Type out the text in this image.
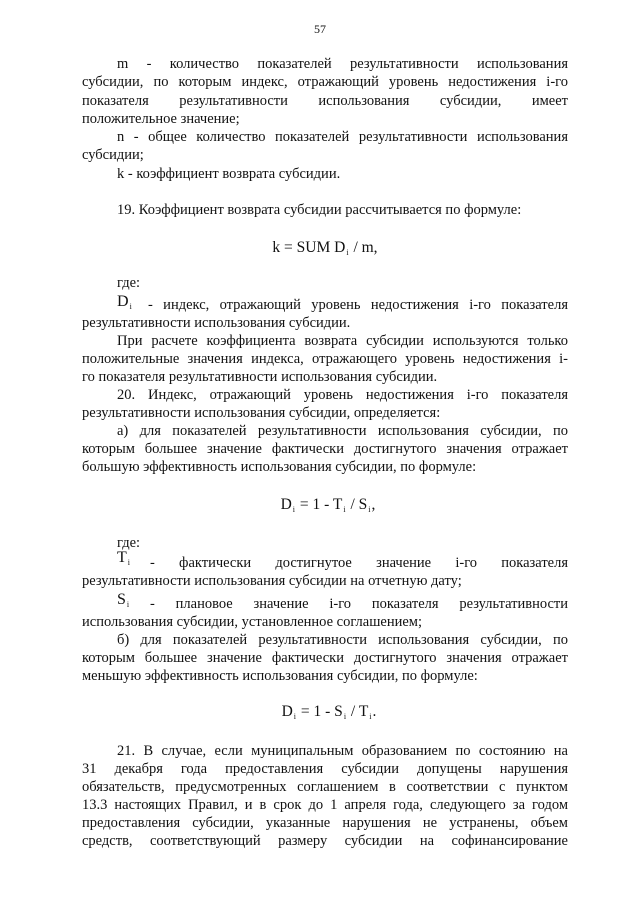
57
m - количество показателей результативности использования
субсидии, по которым индекс, отражающий уровень недостижения i-го
показателя результативности использования субсидии, имеет
положительное значение;
n - общее количество показателей результативности использования
субсидии;
k - коэффициент возврата субсидии.
19. Коэффициент возврата субсидии рассчитывается по формуле:
k = SUM $D_i$ / m,
где:
$D_i$	- индекс, отражающий уровень недостижения i-го показателя
результативности использования субсидии.
При расчете коэффициента возврата субсидии используются только
положительные значения индекса, отражающего уровень недостижения i-
го показателя результативности использования субсидии.
20. Индекс, отражающий уровень недостижения i-го показателя
результативности использования субсидии, определяется:
а) для показателей результативности использования субсидии, по
которым большее значение фактически достигнутого значения отражает
большую эффективность использования субсидии, по формуле:
$D_i = 1 - T_i / S_i$,
где:
$T_i$	- фактически достигнутое значение i-го показателя
результативности использования субсидии на отчетную дату;
$S_i$	- плановое значение i-го показателя результативности
использования субсидии, установленное соглашением;
б) для показателей результативности использования субсидии, по
которым большее значение фактически достигнутого значения отражает
меньшую эффективность использования субсидии, по формуле:
$D_i = 1 - S_i / T_i$.
21. В случае, если муниципальным образованием по состоянию на
31 декабря года предоставления субсидии допущены нарушения
обязательств, предусмотренных соглашением в соответствии с пунктом
13.3 настоящих Правил, и в срок до 1 апреля года, следующего за годом
предоставления субсидии, указанные нарушения не устранены, объем
средств, соответствующий размеру субсидии на софинансирование
